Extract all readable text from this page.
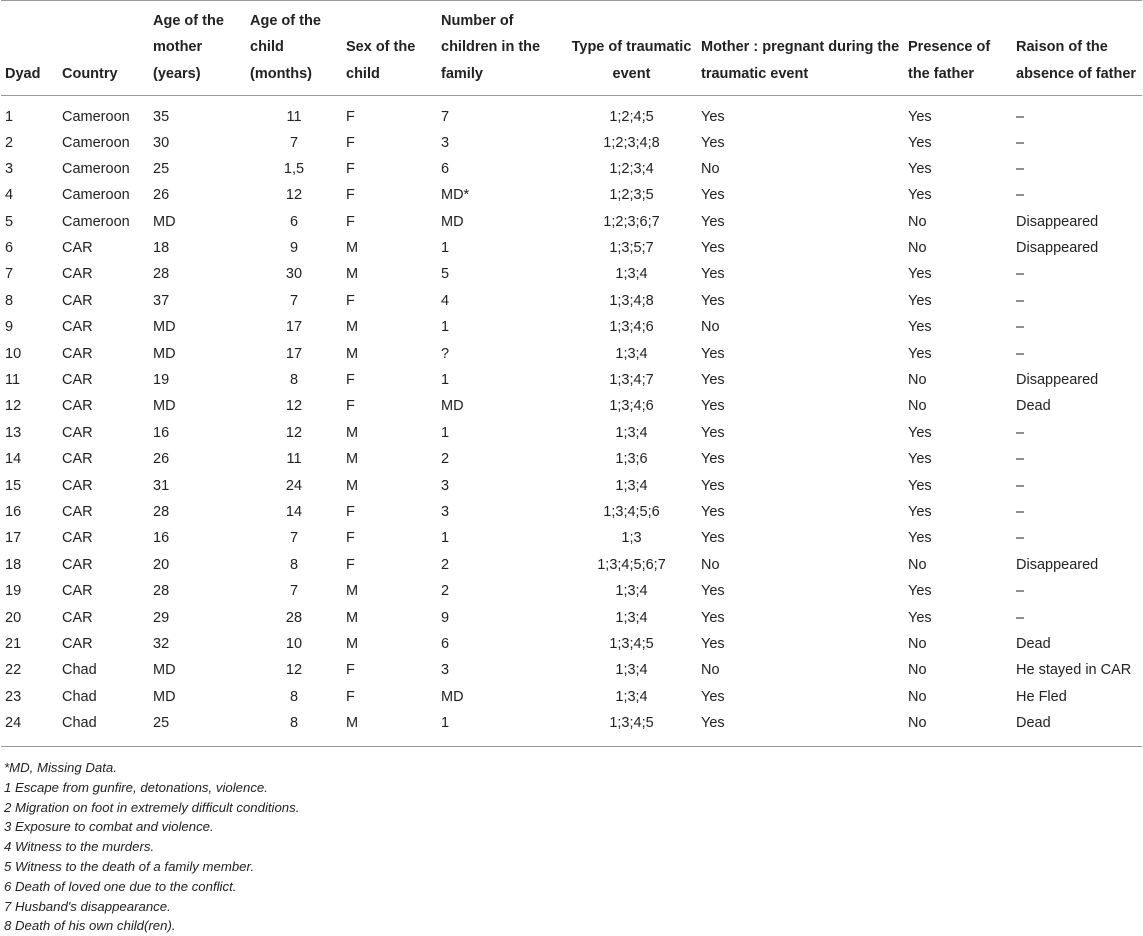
Dyad	Country	Age of the mother (years)	Age of the child (months)	Sex of the child	Number of children in the family	Type of traumatic event	Mother : pregnant during the traumatic event	Presence of the father	Raison of the absence of father
1	Cameroon	35	11	F	7	1;2;4;5	Yes	Yes	–
2	Cameroon	30	7	F	3	1;2;3;4;8	Yes	Yes	–
3	Cameroon	25	1,5	F	6	1;2;3;4	No	Yes	–
4	Cameroon	26	12	F	MD*	1;2;3;5	Yes	Yes	–
5	Cameroon	MD	6	F	MD	1;2;3;6;7	Yes	No	Disappeared
6	CAR	18	9	M	1	1;3;5;7	Yes	No	Disappeared
7	CAR	28	30	M	5	1;3;4	Yes	Yes	–
8	CAR	37	7	F	4	1;3;4;8	Yes	Yes	–
9	CAR	MD	17	M	1	1;3;4;6	No	Yes	–
10	CAR	MD	17	M	?	1;3;4	Yes	Yes	–
11	CAR	19	8	F	1	1;3;4;7	Yes	No	Disappeared
12	CAR	MD	12	F	MD	1;3;4;6	Yes	No	Dead
13	CAR	16	12	M	1	1;3;4	Yes	Yes	–
14	CAR	26	11	M	2	1;3;6	Yes	Yes	–
15	CAR	31	24	M	3	1;3;4	Yes	Yes	–
16	CAR	28	14	F	3	1;3;4;5;6	Yes	Yes	–
17	CAR	16	7	F	1	1;3	Yes	Yes	–
18	CAR	20	8	F	2	1;3;4;5;6;7	No	No	Disappeared
19	CAR	28	7	M	2	1;3;4	Yes	Yes	–
20	CAR	29	28	M	9	1;3;4	Yes	Yes	–
21	CAR	32	10	M	6	1;3;4;5	Yes	No	Dead
22	Chad	MD	12	F	3	1;3;4	No	No	He stayed in CAR
23	Chad	MD	8	F	MD	1;3;4	Yes	No	He Fled
24	Chad	25	8	M	1	1;3;4;5	Yes	No	Dead
*MD, Missing Data.
1 Escape from gunfire, detonations, violence.
2 Migration on foot in extremely difficult conditions.
3 Exposure to combat and violence.
4 Witness to the murders.
5 Witness to the death of a family member.
6 Death of loved one due to the conflict.
7 Husband's disappearance.
8 Death of his own child(ren).
